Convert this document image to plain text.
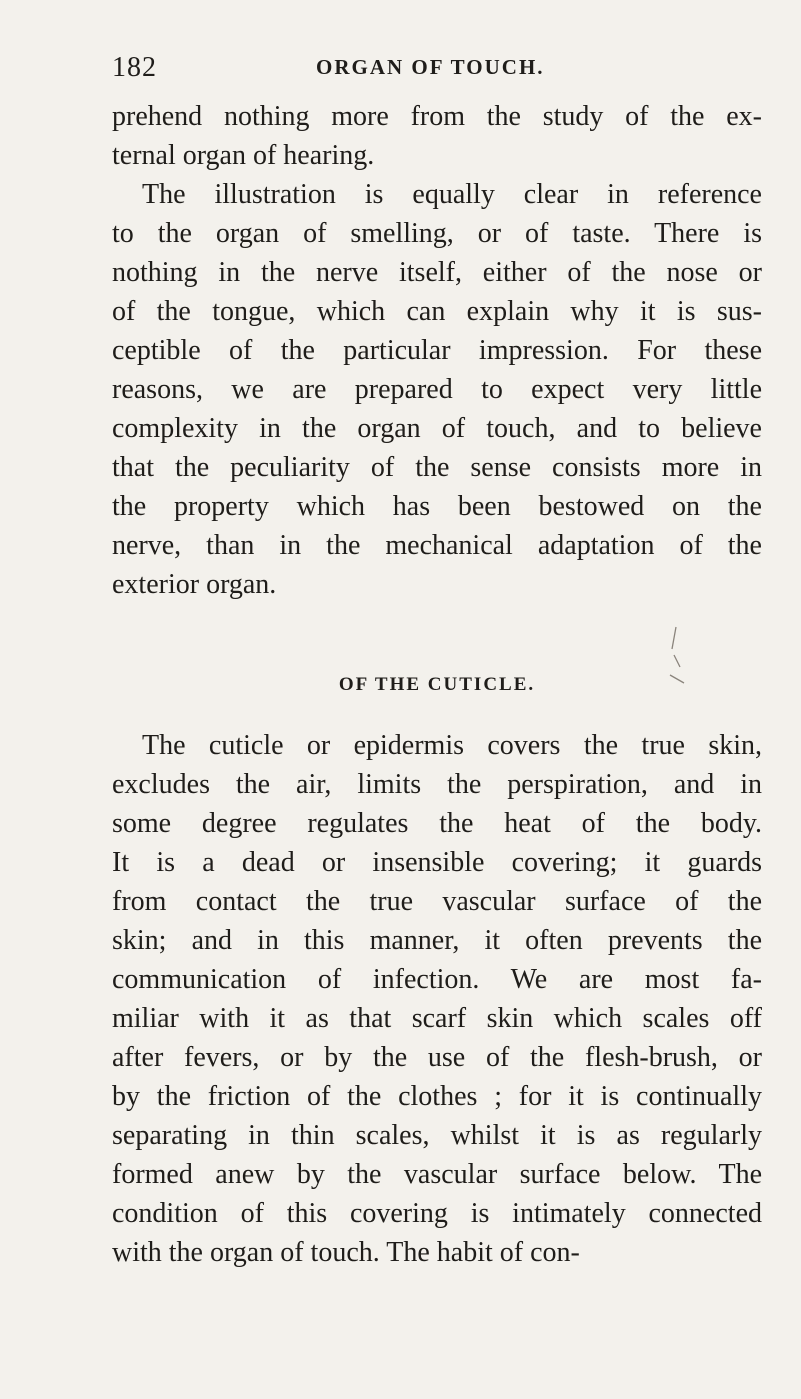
182	ORGAN OF TOUCH.
prehend nothing more from the study of the ex-
ternal organ of hearing.
The illustration is equally clear in reference
to the organ of smelling, or of taste. There is
nothing in the nerve itself, either of the nose or
of the tongue, which can explain why it is sus-
ceptible of the particular impression. For these
reasons, we are prepared to expect very little
complexity in the organ of touch, and to believe
that the peculiarity of the sense consists more in
the property which has been bestowed on the
nerve, than in the mechanical adaptation of the
exterior organ.
OF THE CUTICLE.
The cuticle or epidermis covers the true skin,
excludes the air, limits the perspiration, and in
some degree regulates the heat of the body.
It is a dead or insensible covering; it guards
from contact the true vascular surface of the
skin; and in this manner, it often prevents the
communication of infection. We are most fa-
miliar with it as that scarf skin which scales off
after fevers, or by the use of the flesh-brush, or
by the friction of the clothes ; for it is continually
separating in thin scales, whilst it is as regularly
formed anew by the vascular surface below. The
condition of this covering is intimately connected
with the organ of touch. The habit of con-
